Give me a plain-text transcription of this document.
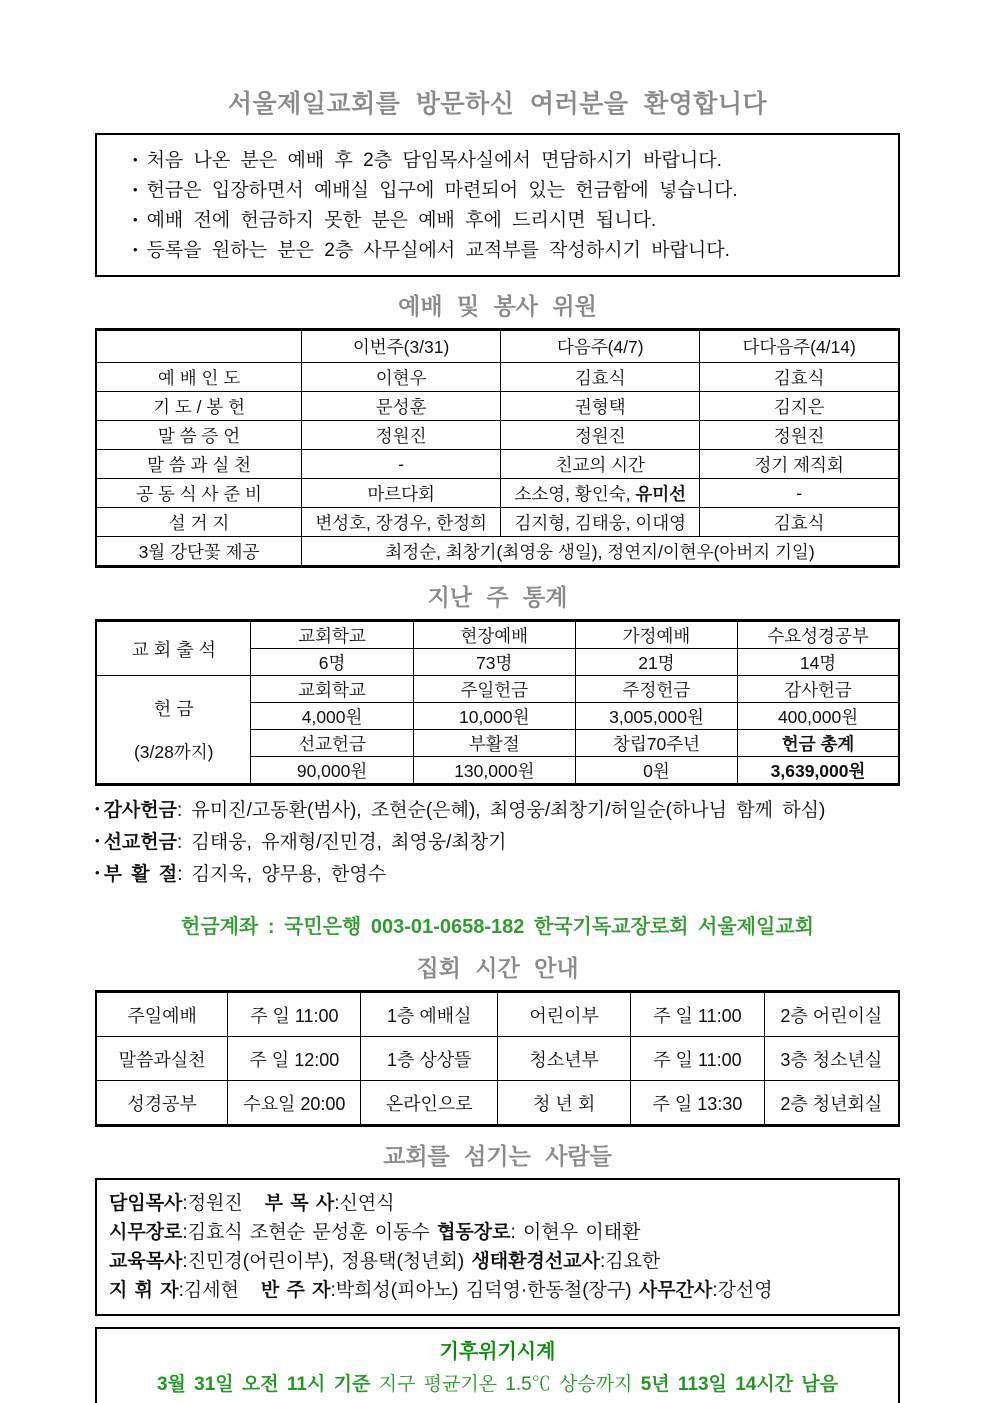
서울제일교회를 방문하신 여러분을 환영합니다
• 처음 나온 분은 예배 후 2층 담임목사실에서 면담하시기 바랍니다.
• 헌금은 입장하면서 예배실 입구에 마련되어 있는 헌금함에 넣습니다.
• 예배 전에 헌금하지 못한 분은 예배 후에 드리시면 됩니다.
• 등록을 원하는 분은 2층 사무실에서 교적부를 작성하시기 바랍니다.
예배 및 봉사 위원
	이번주(3/31)	다음주(4/7)	다다음주(4/14)
예 배 인 도	이현우	김효식	김효식
기 도 / 봉 헌	문성훈	권형택	김지은
말 씀 증 언	정원진	정원진	정원진
말 씀 과 실 천	-	친교의 시간	정기 제직회
공 동 식 사 준 비	마르다회	소소영, 황인숙, 유미선	-
설 거 지	변성호, 장경우, 한정희	김지형, 김태웅, 이대영	김효식
3월 강단꽃 제공	최정순, 최창기(최영웅 생일), 정연지/이현우(아버지 기일)		
지난 주 통계
교 회 출 석	교회학교	현장예배	가정예배	수요성경공부
	6명	73명	21명	14명

헌 금
(3/28까지)	교회학교	주일헌금	주정헌금	감사헌금
	4,000원	10,000원	3,005,000원	400,000원
	선교헌금	부활절	창립70주년	헌금 총계
	90,000원	130,000원	0원	3,639,000원
• 감사헌금: 유미진/고동환(범사), 조현순(은혜), 최영웅/최창기/허일순(하나님 함께 하심)
• 선교헌금: 김태웅, 유재형/진민경, 최영웅/최창기
• 부 활 절: 김지욱, 양무용, 한영수
헌금계좌 : 국민은행 003-01-0658-182 한국기독교장로회 서울제일교회
집회 시간 안내
주일예배	주 일 11:00	1층 예배실	어린이부	주 일 11:00	2층 어린이실
말씀과실천	주 일 12:00	1층 상상뜰	청소년부	주 일 11:00	3층 청소년실
성경공부	수요일 20:00	온라인으로	청 년 회	주 일 13:30	2층 청년회실
교회를 섬기는 사람들
담임목사:정원진   부 목 사:신연식
시무장로:김효식 조현순 문성훈 이동수 협동장로: 이현우 이태환
교육목사:진민경(어린이부), 정용택(청년회) 생태환경선교사:김요한
지 휘 자:김세현   반 주 자:박희성(피아노) 김덕영·한동철(장구) 사무간사:강선영
기후위기시계
3월 31일 오전 11시 기준 지구 평균기온 1.5℃ 상승까지 5년 113일 14시간 남음
